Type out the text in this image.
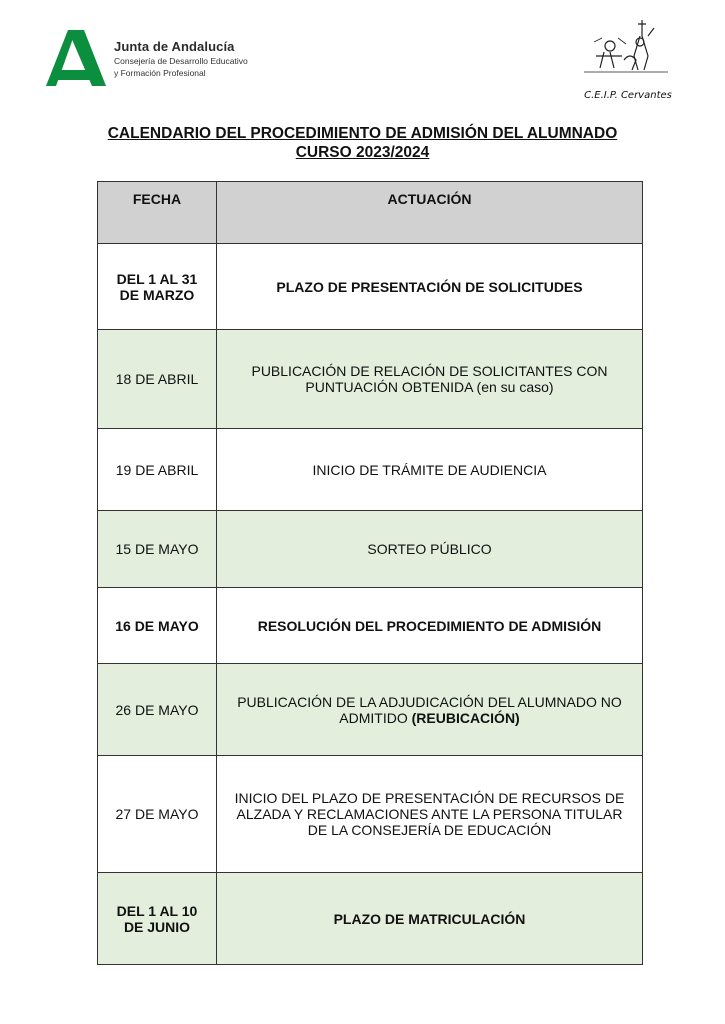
Junta de Andalucía
Consejería de Desarrollo Educativo
y Formación Profesional
C.E.I.P. Cervantes
CALENDARIO DEL PROCEDIMIENTO DE ADMISIÓN DEL ALUMNADO
CURSO 2023/2024
FECHA	ACTUACIÓN
DEL 1 AL 31 DE MARZO	PLAZO DE PRESENTACIÓN DE SOLICITUDES
18 DE ABRIL	PUBLICACIÓN DE RELACIÓN DE SOLICITANTES CON PUNTUACIÓN OBTENIDA (en su caso)
19 DE ABRIL	INICIO DE TRÁMITE DE AUDIENCIA
15 DE MAYO	SORTEO PÚBLICO
16 DE MAYO	RESOLUCIÓN DEL PROCEDIMIENTO DE ADMISIÓN
26 DE MAYO	PUBLICACIÓN DE LA ADJUDICACIÓN DEL ALUMNADO NO ADMITIDO (REUBICACIÓN)
27 DE MAYO	INICIO DEL PLAZO DE PRESENTACIÓN DE RECURSOS DE ALZADA Y RECLAMACIONES ANTE LA PERSONA TITULAR DE LA CONSEJERÍA DE EDUCACIÓN
DEL 1 AL 10 DE JUNIO	PLAZO DE MATRICULACIÓN
